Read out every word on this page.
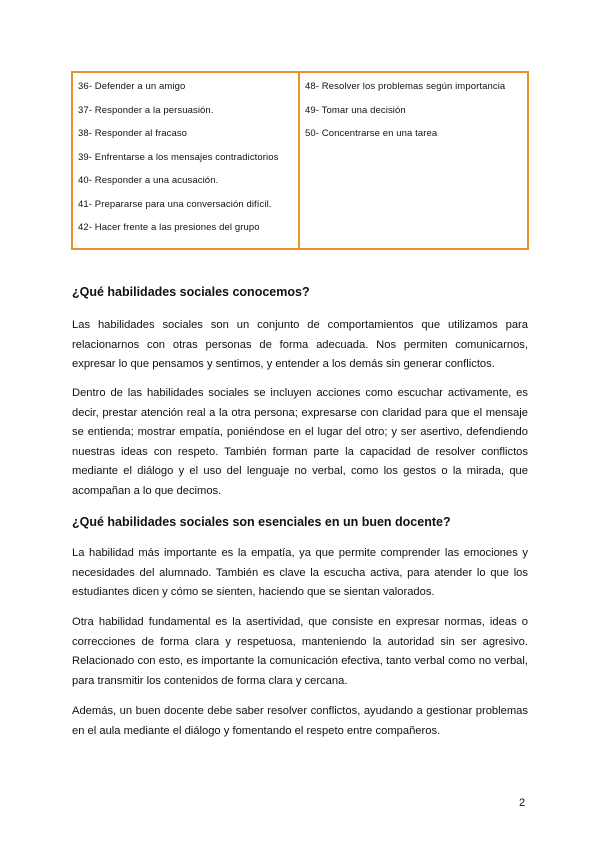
36- Defender a un amigo
37- Responder a la persuasión.
38- Responder al fracaso
39- Enfrentarse a los mensajes contradictorios
40- Responder a una acusación.
41- Prepararse para una conversación difícil.
42- Hacer frente a las presiones del grupo
48- Resolver los problemas según importancia
49- Tomar una decisión
50- Concentrarse en una tarea
¿Qué habilidades sociales conocemos?

Las habilidades sociales son un conjunto de comportamientos que utilizamos para relacionarnos con otras personas de forma adecuada. Nos permiten comunicarnos, expresar lo que pensamos y sentimos, y entender a los demás sin generar conflictos.

Dentro de las habilidades sociales se incluyen acciones como escuchar activamente, es decir, prestar atención real a la otra persona; expresarse con claridad para que el mensaje se entienda; mostrar empatía, poniéndose en el lugar del otro; y ser asertivo, defendiendo nuestras ideas con respeto. También forman parte la capacidad de resolver conflictos mediante el diálogo y el uso del lenguaje no verbal, como los gestos o la mirada, que acompañan a lo que decimos.

¿Qué habilidades sociales son esenciales en un buen docente?

La habilidad más importante es la empatía, ya que permite comprender las emociones y necesidades del alumnado. También es clave la escucha activa, para atender lo que los estudiantes dicen y cómo se sienten, haciendo que se sientan valorados.

Otra habilidad fundamental es la asertividad, que consiste en expresar normas, ideas o correcciones de forma clara y respetuosa, manteniendo la autoridad sin ser agresivo. Relacionado con esto, es importante la comunicación efectiva, tanto verbal como no verbal, para transmitir los contenidos de forma clara y cercana.

Además, un buen docente debe saber resolver conflictos, ayudando a gestionar problemas en el aula mediante el diálogo y fomentando el respeto entre compañeros.

2
